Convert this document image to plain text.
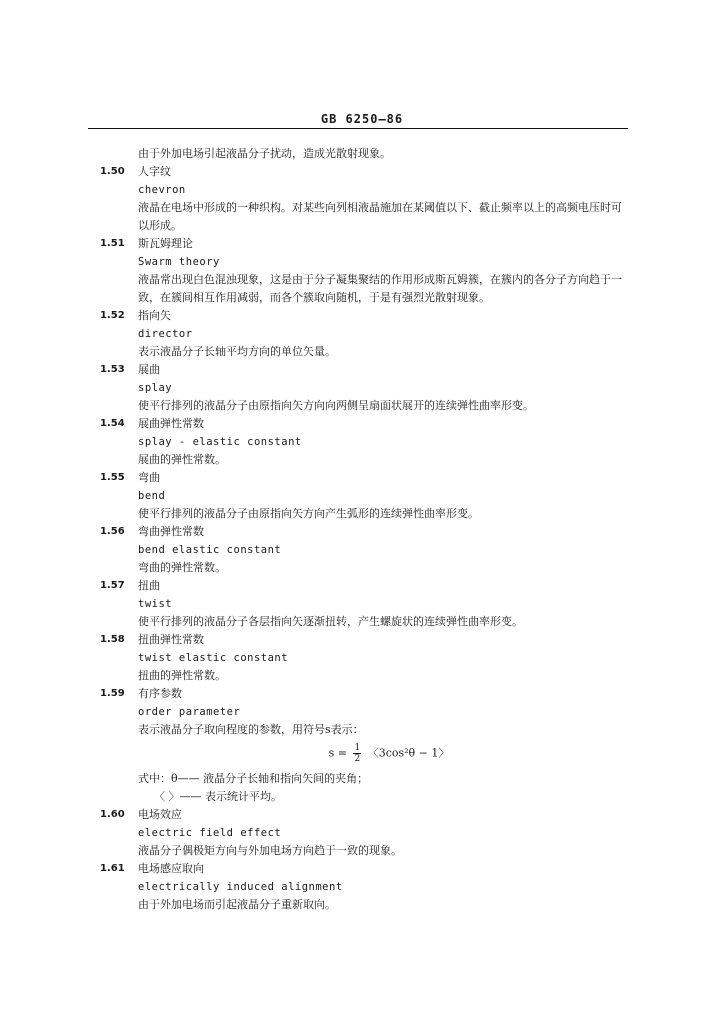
GB 6250—86
由于外加电场引起液晶分子扰动，造成光散射现象。
1.50 人字纹
chevron
液晶在电场中形成的一种织构。对某些向列相液晶施加在某阈值以下、截止频率以上的高频电压时可以形成。
1.51 斯瓦姆理论
Swarm theory
液晶常出现白色混浊现象，这是由于分子凝集聚结的作用形成斯瓦姆簇，在簇内的各分子方向趋于一致，在簇间相互作用减弱，而各个簇取向随机，于是有强烈光散射现象。
1.52 指向矢
director
表示液晶分子长轴平均方向的单位矢量。
1.53 展曲
splay
使平行排列的液晶分子由原指向矢方向向两侧呈扇面状展开的连续弹性曲率形变。
1.54 展曲弹性常数
splay - elastic constant
展曲的弹性常数。
1.55 弯曲
bend
使平行排列的液晶分子由原指向矢方向产生弧形的连续弹性曲率形变。
1.56 弯曲弹性常数
bend elastic constant
弯曲的弹性常数。
1.57 扭曲
twist
使平行排列的液晶分子各层指向矢逐渐扭转，产生螺旋状的连续弹性曲率形变。
1.58 扭曲弹性常数
twist elastic constant
扭曲的弹性常数。
1.59 有序参数
order parameter
表示液晶分子取向程度的参数，用符号s表示：
$s = \frac{1}{2}$ 〈3cos²θ − 1〉
式中：θ—— 液晶分子长轴和指向矢间的夹角；
〈 〉—— 表示统计平均。
1.60 电场效应
electric field effect
液晶分子偶极矩方向与外加电场方向趋于一致的现象。
1.61 电场感应取向
electrically induced alignment
由于外加电场而引起液晶分子重新取向。
